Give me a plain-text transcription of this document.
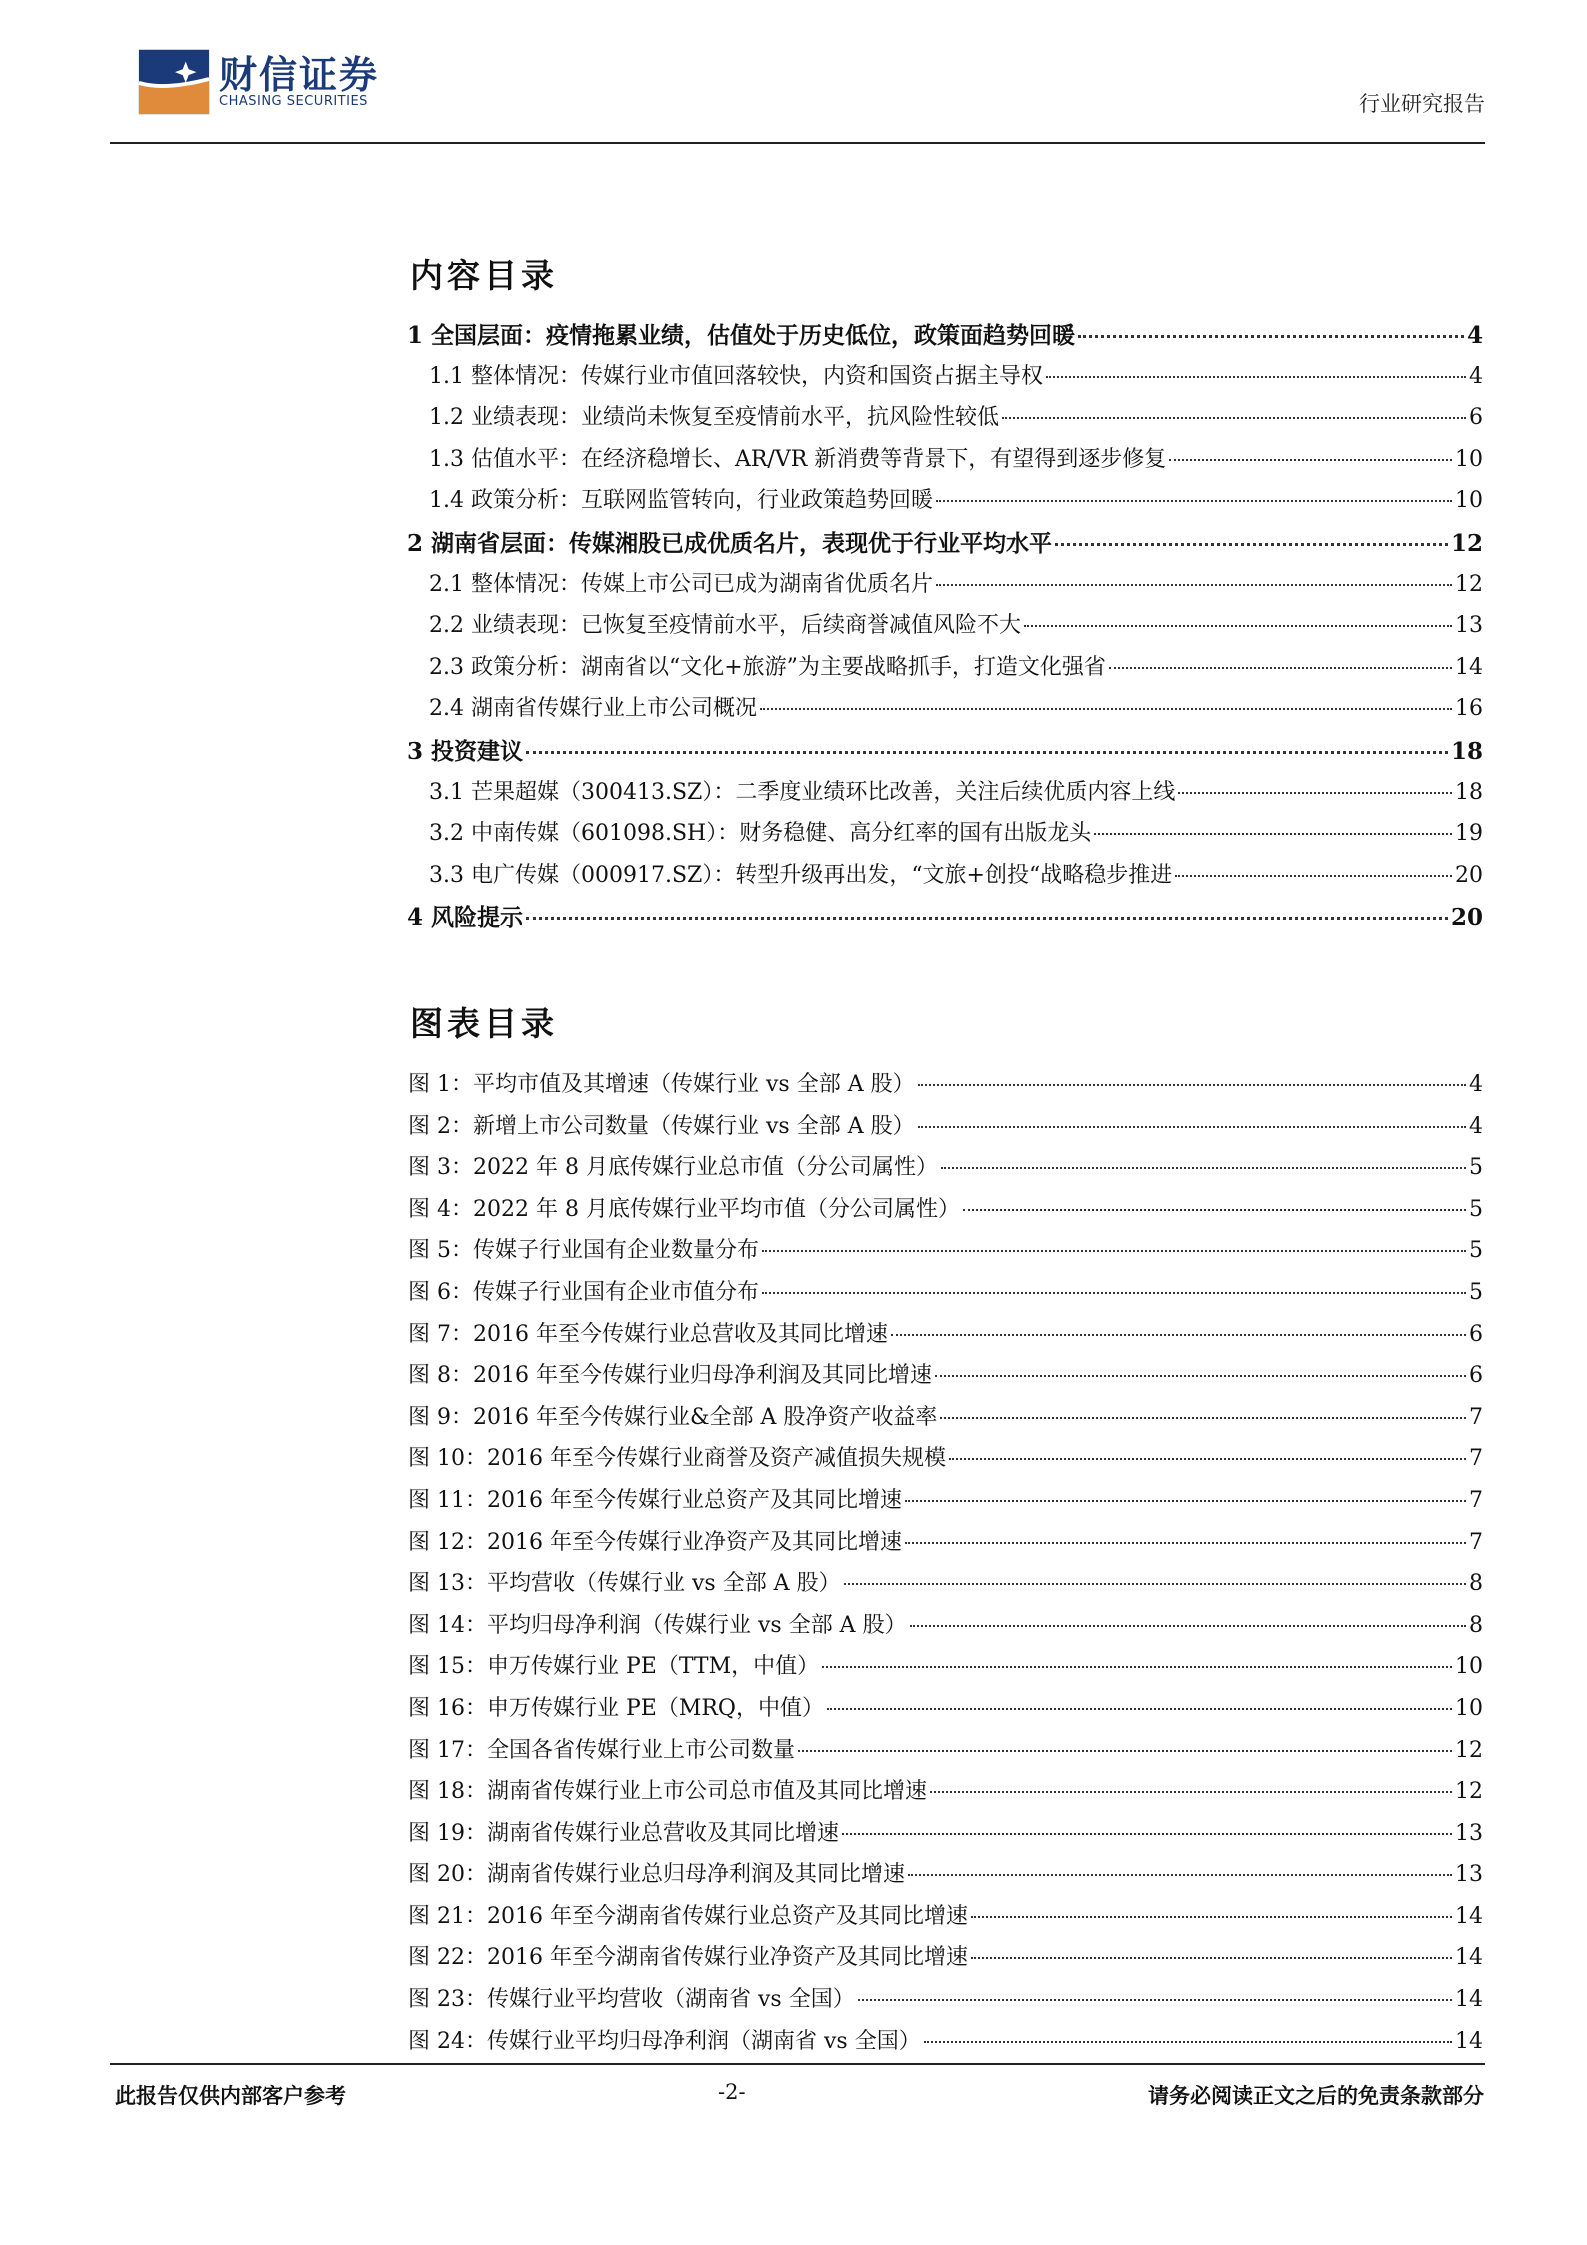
财信证券
CHASING SECURITIES	行业研究报告
内容目录
1 全国层面：疫情拖累业绩，估值处于历史低位，政策面趋势回暖	4
1.1 整体情况：传媒行业市值回落较快，内资和国资占据主导权	4
1.2 业绩表现：业绩尚未恢复至疫情前水平，抗风险性较低	6
1.3 估值水平：在经济稳增长、AR/VR 新消费等背景下，有望得到逐步修复	10
1.4 政策分析：互联网监管转向，行业政策趋势回暖	10
2 湖南省层面：传媒湘股已成优质名片，表现优于行业平均水平	12
2.1 整体情况：传媒上市公司已成为湖南省优质名片	12
2.2 业绩表现：已恢复至疫情前水平，后续商誉减值风险不大	13
2.3 政策分析：湖南省以“文化+旅游”为主要战略抓手，打造文化强省	14
2.4 湖南省传媒行业上市公司概况	16
3 投资建议	18
3.1 芒果超媒（300413.SZ）：二季度业绩环比改善，关注后续优质内容上线	18
3.2 中南传媒（601098.SH）：财务稳健、高分红率的国有出版龙头	19
3.3 电广传媒（000917.SZ）：转型升级再出发，“文旅+创投“战略稳步推进	20
4 风险提示	20
图表目录
图 1：平均市值及其增速（传媒行业 vs 全部 A 股）	4
图 2：新增上市公司数量（传媒行业 vs 全部 A 股）	4
图 3：2022 年 8 月底传媒行业总市值（分公司属性）	5
图 4：2022 年 8 月底传媒行业平均市值（分公司属性）	5
图 5：传媒子行业国有企业数量分布	5
图 6：传媒子行业国有企业市值分布	5
图 7：2016 年至今传媒行业总营收及其同比增速	6
图 8：2016 年至今传媒行业归母净利润及其同比增速	6
图 9：2016 年至今传媒行业&全部 A 股净资产收益率	7
图 10：2016 年至今传媒行业商誉及资产减值损失规模	7
图 11：2016 年至今传媒行业总资产及其同比增速	7
图 12：2016 年至今传媒行业净资产及其同比增速	7
图 13：平均营收（传媒行业 vs 全部 A 股）	8
图 14：平均归母净利润（传媒行业 vs 全部 A 股）	8
图 15：申万传媒行业 PE（TTM，中值）	10
图 16：申万传媒行业 PE（MRQ，中值）	10
图 17：全国各省传媒行业上市公司数量	12
图 18：湖南省传媒行业上市公司总市值及其同比增速	12
图 19：湖南省传媒行业总营收及其同比增速	13
图 20：湖南省传媒行业总归母净利润及其同比增速	13
图 21：2016 年至今湖南省传媒行业总资产及其同比增速	14
图 22：2016 年至今湖南省传媒行业净资产及其同比增速	14
图 23：传媒行业平均营收（湖南省 vs 全国）	14
图 24：传媒行业平均归母净利润（湖南省 vs 全国）	14
此报告仅供内部客户参考	-2-	请务必阅读正文之后的免责条款部分
